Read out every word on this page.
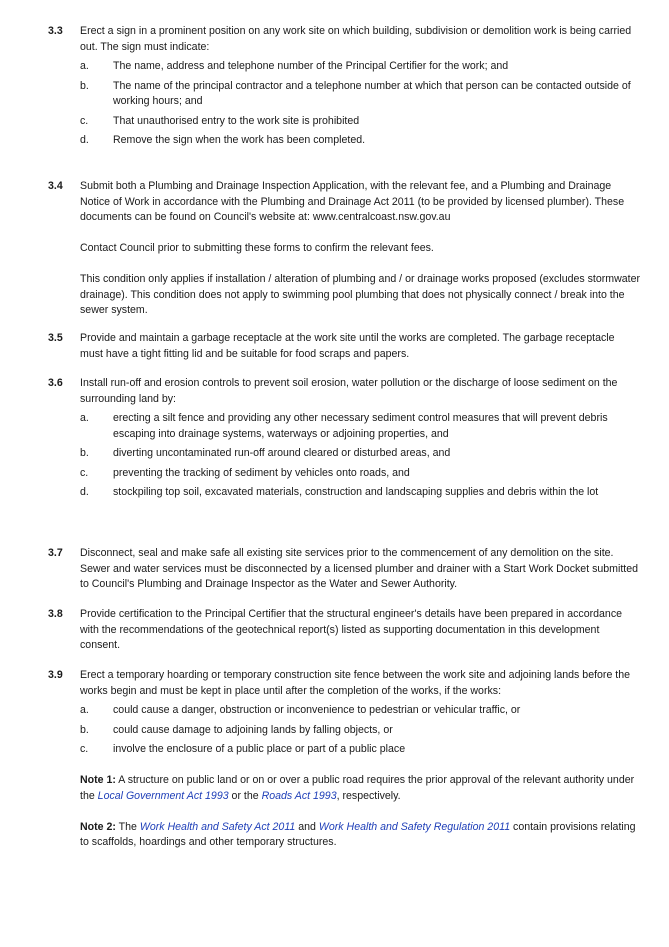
3.3 Erect a sign in a prominent position on any work site on which building, subdivision or demolition work is being carried out. The sign must indicate:

a. The name, address and telephone number of the Principal Certifier for the work; and
b. The name of the principal contractor and a telephone number at which that person can be contacted outside of working hours; and
c. That unauthorised entry to the work site is prohibited
d. Remove the sign when the work has been completed.
3.4 Submit both a Plumbing and Drainage Inspection Application, with the relevant fee, and a Plumbing and Drainage Notice of Work in accordance with the Plumbing and Drainage Act 2011 (to be provided by licensed plumber). These documents can be found on Council's website at: www.centralcoast.nsw.gov.au

Contact Council prior to submitting these forms to confirm the relevant fees.

This condition only applies if installation / alteration of plumbing and / or drainage works proposed (excludes stormwater drainage). This condition does not apply to swimming pool plumbing that does not physically connect / break into the sewer system.

3.5 Provide and maintain a garbage receptacle at the work site until the works are completed. The garbage receptacle must have a tight fitting lid and be suitable for food scraps and papers.

3.6 Install run-off and erosion controls to prevent soil erosion, water pollution or the discharge of loose sediment on the surrounding land by:

a. erecting a silt fence and providing any other necessary sediment control measures that will prevent debris escaping into drainage systems, waterways or adjoining properties, and
b. diverting uncontaminated run-off around cleared or disturbed areas, and
c. preventing the tracking of sediment by vehicles onto roads, and
d. stockpiling top soil, excavated materials, construction and landscaping supplies and debris within the lot
3.7 Disconnect, seal and make safe all existing site services prior to the commencement of any demolition on the site. Sewer and water services must be disconnected by a licensed plumber and drainer with a Start Work Docket submitted to Council's Plumbing and Drainage Inspector as the Water and Sewer Authority.

3.8 Provide certification to the Principal Certifier that the structural engineer's details have been prepared in accordance with the recommendations of the geotechnical report(s) listed as supporting documentation in this development consent.

3.9 Erect a temporary hoarding or temporary construction site fence between the work site and adjoining lands before the works begin and must be kept in place until after the completion of the works, if the works:

a. could cause a danger, obstruction or inconvenience to pedestrian or vehicular traffic, or
b. could cause damage to adjoining lands by falling objects, or
c. involve the enclosure of a public place or part of a public place

Note 1: A structure on public land or on or over a public road requires the prior approval of the relevant authority under the Local Government Act 1993 or the Roads Act 1993, respectively.

Note 2: The Work Health and Safety Act 2011 and Work Health and Safety Regulation 2011 contain provisions relating to scaffolds, hoardings and other temporary structures.
